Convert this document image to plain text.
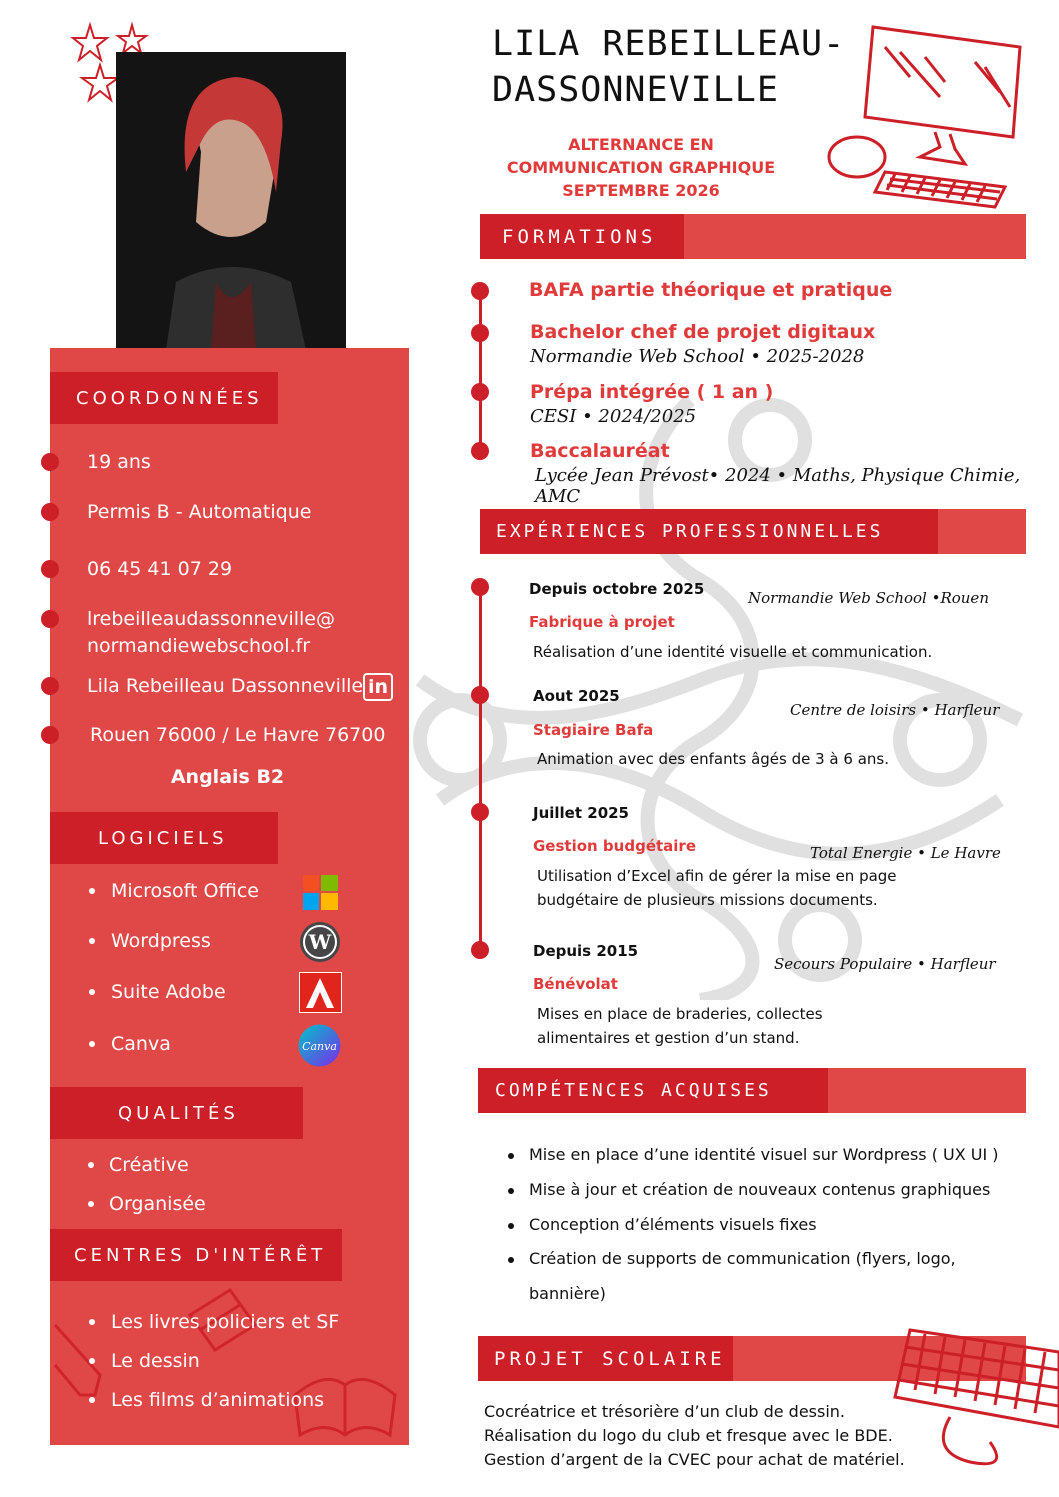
LILA REBEILLEAU-
DASSONNEVILLE
ALTERNANCE EN
COMMUNICATION GRAPHIQUE
SEPTEMBRE 2026
COORDONNÉES
19 ans
Permis B - Automatique
06 45 41 07 29
lrebeilleaudassonneville@
normandiewebschool.fr
Lila Rebeilleau Dassonneville in
Rouen 76000 / Le Havre 76700
Anglais B2
LOGICIELS
Microsoft Office
Wordpress	W
Suite Adobe
Canva	Canva
QUALITÉS
Créative
Organisée
CENTRES D'INTÉRÊT
Les livres policiers et SF
Le dessin
Les films d’animations
FORMATIONS
BAFA partie théorique et pratique
Bachelor chef de projet digitaux
Normandie Web School • 2025-2028
Prépa intégrée ( 1 an )
CESI • 2024/2025
Baccalauréat
Lycée Jean Prévost• 2024 • Maths, Physique Chimie, AMC
EXPÉRIENCES PROFESSIONNELLES
Depuis octobre 2025	Normandie Web School •Rouen
Fabrique à projet
Réalisation d’une identité visuelle et communication.
Aout 2025
Centre de loisirs • Harfleur
Stagiaire Bafa
Animation avec des enfants âgés de 3 à 6 ans.
Juillet 2025
Gestion budgétaire	Total Energie • Le Havre
Utilisation d’Excel afin de gérer la mise en page
budgétaire de plusieurs missions documents.
Depuis 2015
Secours Populaire • Harfleur
Bénévolat
Mises en place de braderies, collectes
alimentaires et gestion d’un stand.
COMPÉTENCES ACQUISES
Mise en place d’une identité visuel sur Wordpress ( UX UI )
Mise à jour et création de nouveaux contenus graphiques
Conception d’éléments visuels fixes
Création de supports de communication (flyers, logo,
bannière)
PROJET SCOLAIRE
Cocréatrice et trésorière d’un club de dessin.
Réalisation du logo du club et fresque avec le BDE.
Gestion d’argent de la CVEC pour achat de matériel.
